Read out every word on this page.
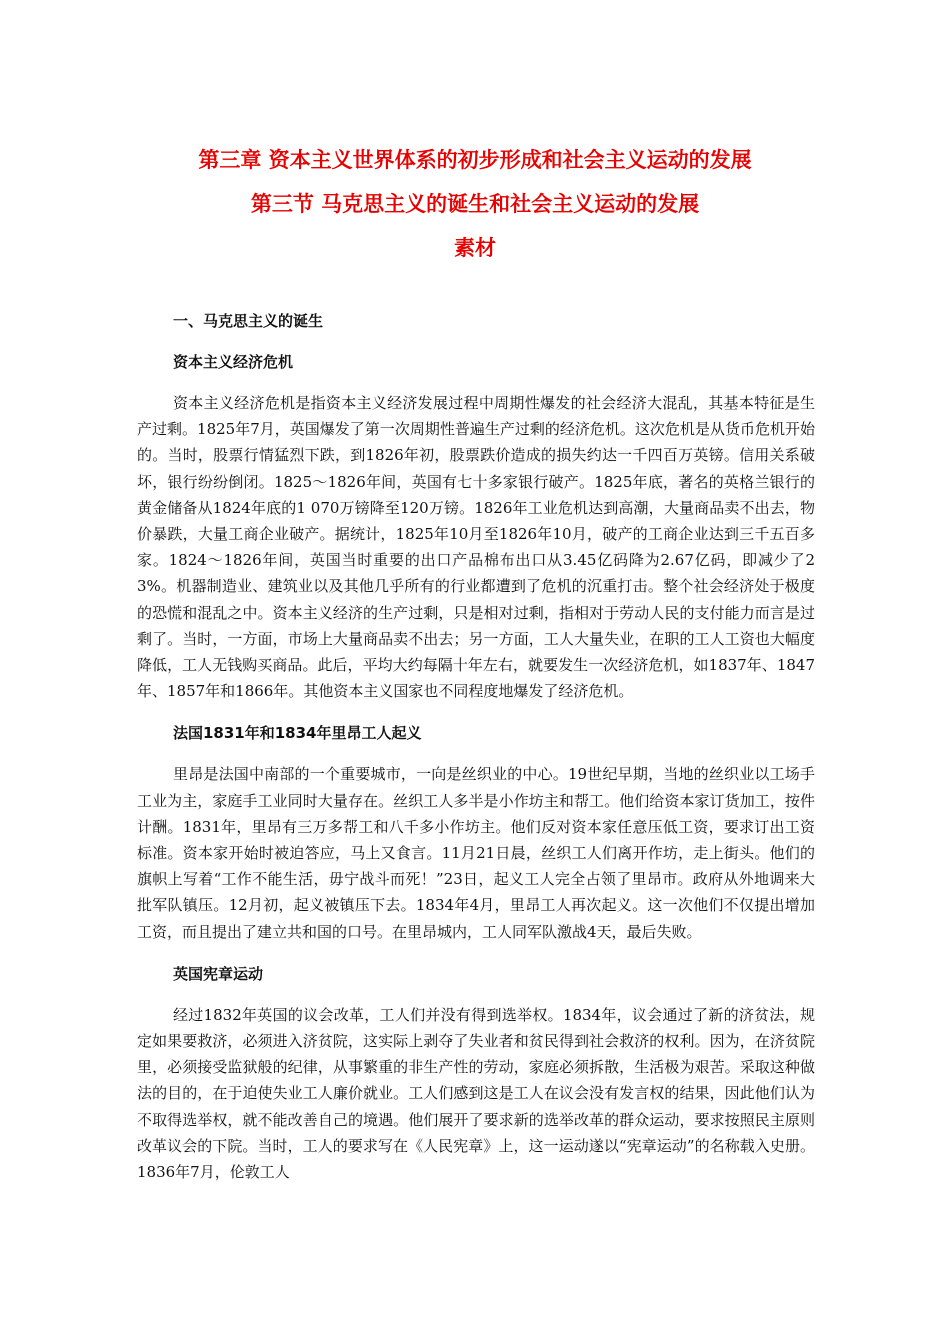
第三章 资本主义世界体系的初步形成和社会主义运动的发展
第三节 马克思主义的诞生和社会主义运动的发展
素材
一、马克思主义的诞生
资本主义经济危机

资本主义经济危机是指资本主义经济发展过程中周期性爆发的社会经济大混乱，其基本特征是生产过剩。1825年7月，英国爆发了第一次周期性普遍生产过剩的经济危机。这次危机是从货币危机开始的。当时，股票行情猛烈下跌，到1826年初，股票跌价造成的损失约达一千四百万英镑。信用关系破坏，银行纷纷倒闭。1825～1826年间，英国有七十多家银行破产。1825年底，著名的英格兰银行的黄金储备从1824年底的1 070万镑降至120万镑。1826年工业危机达到高潮，大量商品卖不出去，物价暴跌，大量工商企业破产。据统计，1825年10月至1826年10月，破产的工商企业达到三千五百多家。1824～1826年间，英国当时重要的出口产品棉布出口从3.45亿码降为2.67亿码，即减少了23%。机器制造业、建筑业以及其他几乎所有的行业都遭到了危机的沉重打击。整个社会经济处于极度的恐慌和混乱之中。资本主义经济的生产过剩，只是相对过剩，指相对于劳动人民的支付能力而言是过剩了。当时，一方面，市场上大量商品卖不出去；另一方面，工人大量失业，在职的工人工资也大幅度降低，工人无钱购买商品。此后，平均大约每隔十年左右，就要发生一次经济危机，如1837年、1847年、1857年和1866年。其他资本主义国家也不同程度地爆发了经济危机。

法国1831年和1834年里昂工人起义

里昂是法国中南部的一个重要城市，一向是丝织业的中心。19世纪早期，当地的丝织业以工场手工业为主，家庭手工业同时大量存在。丝织工人多半是小作坊主和帮工。他们给资本家订货加工，按件计酬。1831年，里昂有三万多帮工和八千多小作坊主。他们反对资本家任意压低工资，要求订出工资标准。资本家开始时被迫答应，马上又食言。11月21日晨，丝织工人们离开作坊，走上街头。他们的旗帜上写着“工作不能生活，毋宁战斗而死！”23日，起义工人完全占领了里昂市。政府从外地调来大批军队镇压。12月初，起义被镇压下去。1834年4月，里昂工人再次起义。这一次他们不仅提出增加工资，而且提出了建立共和国的口号。在里昂城内，工人同军队激战4天，最后失败。

英国宪章运动

经过1832年英国的议会改革，工人们并没有得到选举权。1834年，议会通过了新的济贫法，规定如果要救济，必须进入济贫院，这实际上剥夺了失业者和贫民得到社会救济的权利。因为，在济贫院里，必须接受监狱般的纪律，从事繁重的非生产性的劳动，家庭必须拆散，生活极为艰苦。采取这种做法的目的，在于迫使失业工人廉价就业。工人们感到这是工人在议会没有发言权的结果，因此他们认为不取得选举权，就不能改善自己的境遇。他们展开了要求新的选举改革的群众运动，要求按照民主原则改革议会的下院。当时，工人的要求写在《人民宪章》上，这一运动遂以“宪章运动”的名称载入史册。1836年7月，伦敦工人
